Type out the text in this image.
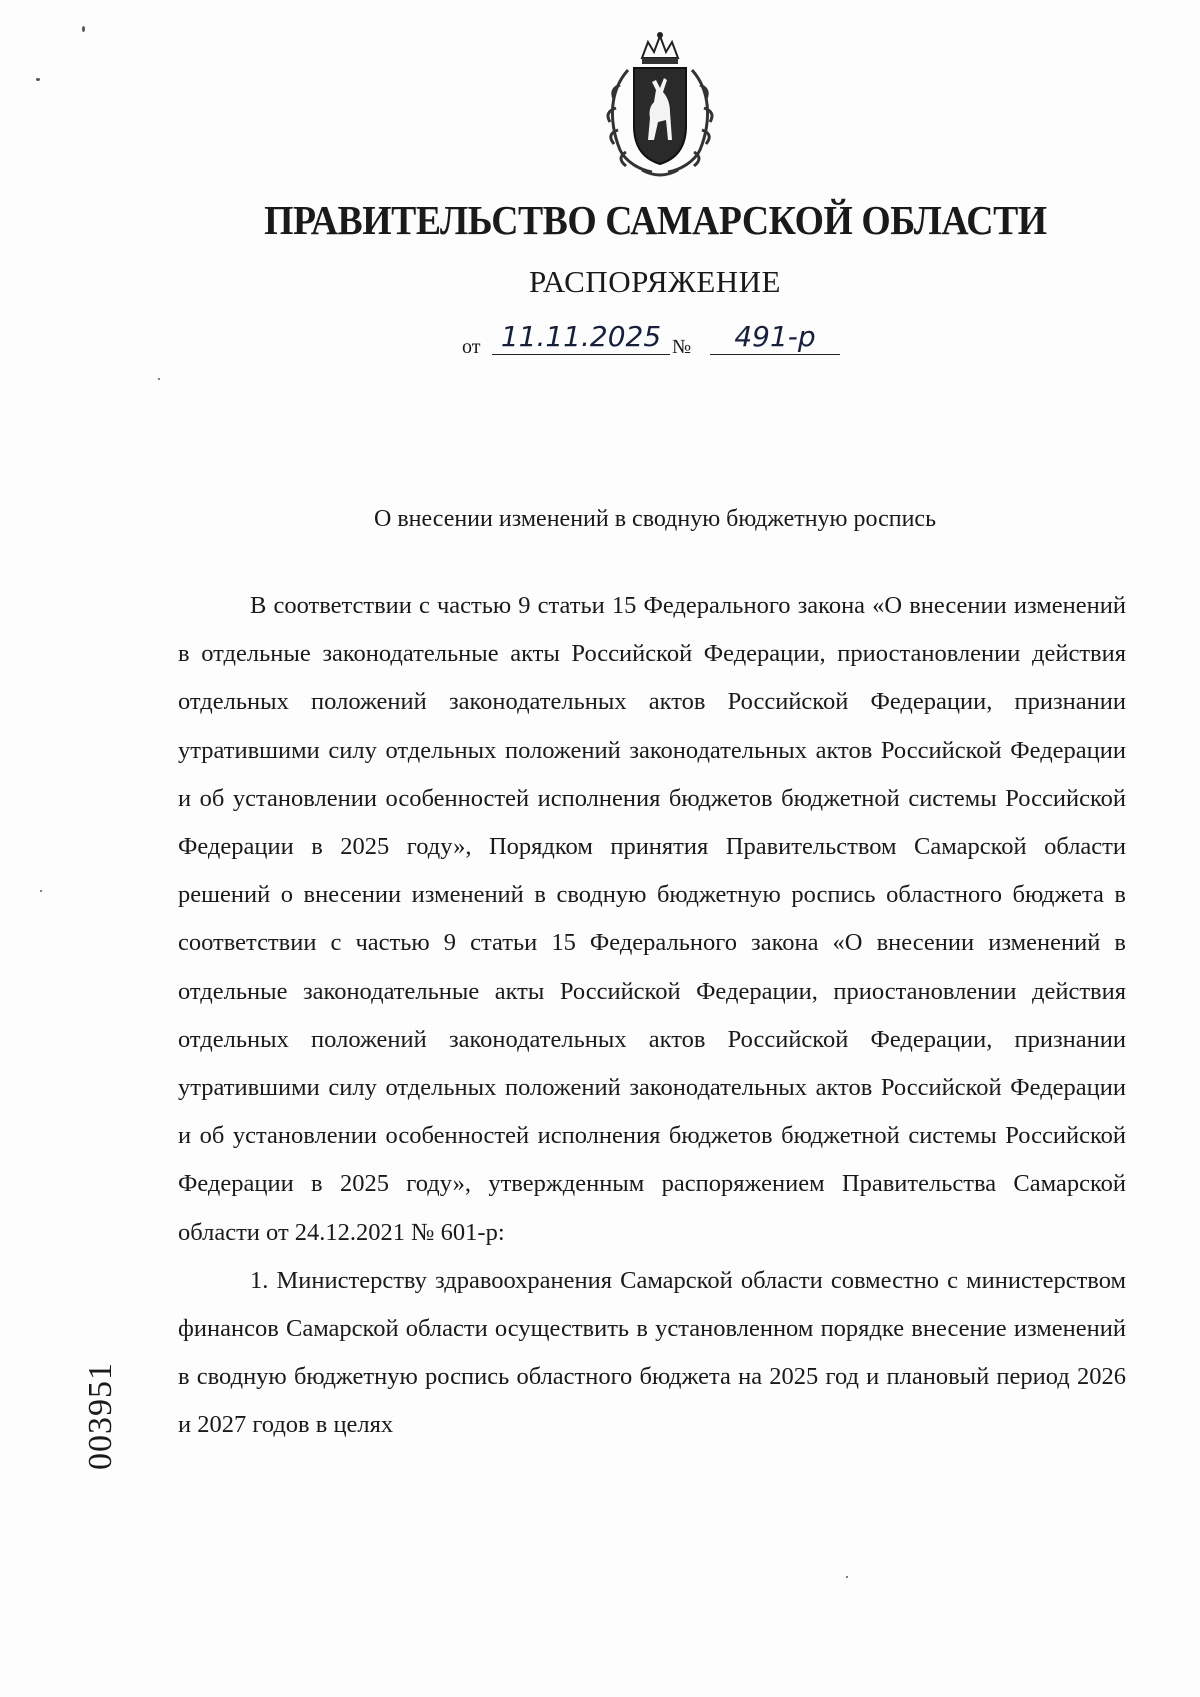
ПРАВИТЕЛЬСТВО САМАРСКОЙ ОБЛАСТИ
РАСПОРЯЖЕНИЕ
от 11.11.2025 №	491-р
О внесении изменений в сводную бюджетную роспись

В соответствии с частью 9 статьи 15 Федерального закона «О внесении изменений в отдельные законодательные акты Российской Федерации, приостановлении действия отдельных положений законодательных актов Российской Федерации, признании утратившими силу отдельных положений законодательных актов Российской Федерации и об установлении особенностей исполнения бюджетов бюджетной системы Российской Федерации в 2025 году», Порядком принятия Правительством Самарской области решений о внесении изменений в сводную бюджетную роспись областного бюджета в соответствии с частью 9 статьи 15 Федерального закона «О внесении изменений в отдельные законодательные акты Российской Федерации, приостановлении действия отдельных положений законодательных актов Российской Федерации, признании утратившими силу отдельных положений законодательных актов Российской Федерации и об установлении особенностей исполнения бюджетов бюджетной системы Российской Федерации в 2025 году», утвержденным распоряжением Правительства Самарской области от 24.12.2021 № 601-р:

1. Министерству здравоохранения Самарской области совместно с министерством финансов Самарской области осуществить в установленном порядке внесение изменений в сводную бюджетную роспись областного бюджета на 2025 год и плановый период 2026 и 2027 годов в целях

003951
